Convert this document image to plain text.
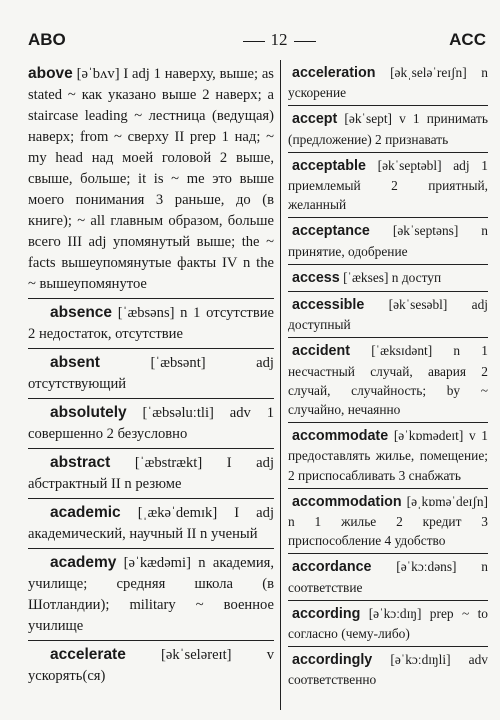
ABO	12	ACC
above [əˈbʌv] I adj 1 наверху, выше; as stated ~ как указано выше 2 наверх; a staircase leading ~ лестница (ведущая) наверх; from ~ сверху II prep 1 над; ~ my head над моей головой 2 выше, свыше, больше; it is ~ me это выше моего понимания 3 раньше, до (в книге); ~ all главным образом, больше всего III adj упомянутый выше; the ~ facts вышеупомянутые факты IV n the ~ вышеупомянутое
absence [ˈæbsəns] n 1 отсутствие 2 недостаток, отсутствие
absent	[ˈæbsənt] adj отсутствующий
absolutely [ˈæbsəluːtli] adv 1 совершенно 2 безусловно
abstract [ˈæbstrækt] I adj абстрактный II n резюме
academic [ˌækəˈdemɪk] I adj академический, научный II n ученый
academy [əˈkædəmi] n академия, училище; средняя школа (в Шотландии); military ~ военное училище
accelerate [əkˈseləreɪt] v ускорять(ся)
acceleration [əkˌseləˈreɪʃn] n ускорение
accept [əkˈsept] v 1 принимать (предложение) 2 признавать
acceptable [əkˈseptəbl] adj 1 приемлемый 2 приятный, желанный
acceptance [əkˈseptəns] n принятие, одобрение
access [ˈækses] n доступ
accessible [əkˈsesəbl] adj доступный
accident [ˈæksɪdənt] n 1 несчастный случай, авария 2 случай, случайность; by ~ случайно, нечаянно
accommodate [əˈkɒmədeɪt] v 1 предоставлять жилье, помещение; 2 приспосабливать 3 снабжать
accommodation [əˌkɒməˈdeɪʃn] n 1 жилье 2 кредит 3 приспособление 4 удобство
accordance [əˈkɔːdəns] n соответствие
according [əˈkɔːdɪŋ] prep ~ to согласно (чему-либо)
accordingly [əˈkɔːdɪŋli] adv соответственно
